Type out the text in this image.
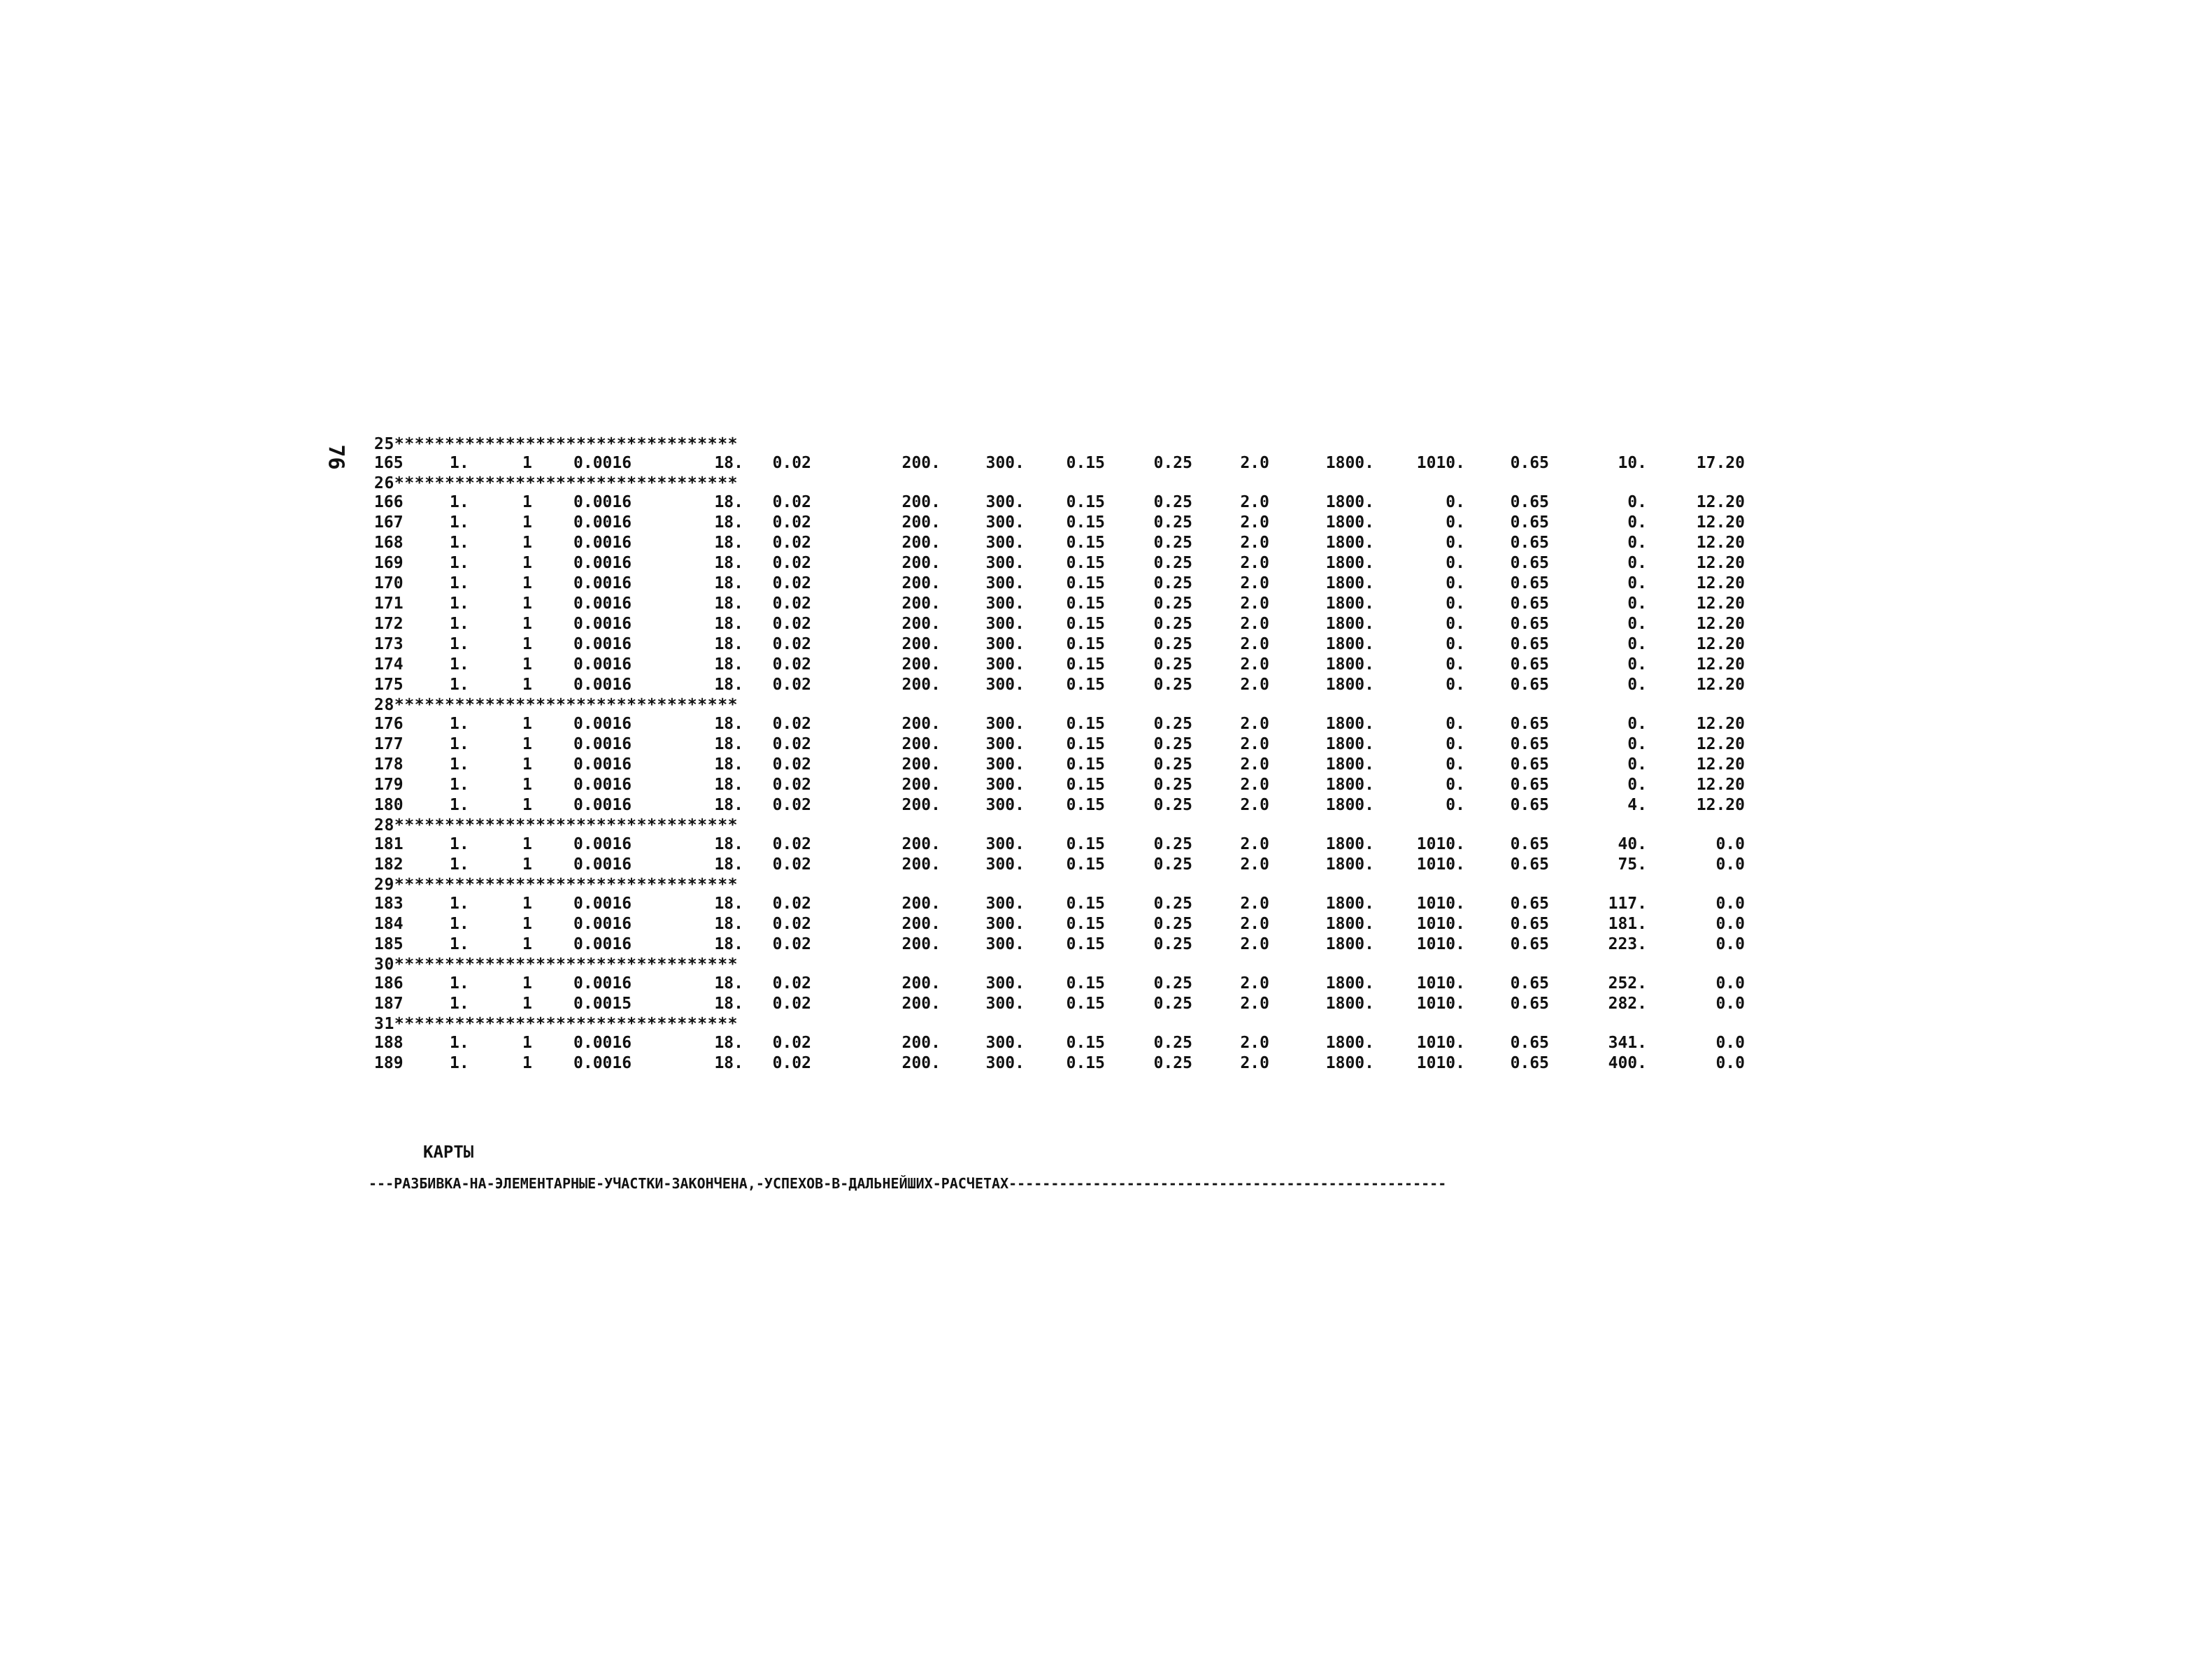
76
25**********************************
165	1.	1	0.0016	18.	0.02	200.	300.	0.15	0.25	2.0	1800.	1010.	0.65	10.	17.20
26**********************************
166	1.	1	0.0016	18.	0.02	200.	300.	0.15	0.25	2.0	1800.	0.	0.65	0.	12.20
167	1.	1	0.0016	18.	0.02	200.	300.	0.15	0.25	2.0	1800.	0.	0.65	0.	12.20
168	1.	1	0.0016	18.	0.02	200.	300.	0.15	0.25	2.0	1800.	0.	0.65	0.	12.20
169	1.	1	0.0016	18.	0.02	200.	300.	0.15	0.25	2.0	1800.	0.	0.65	0.	12.20
170	1.	1	0.0016	18.	0.02	200.	300.	0.15	0.25	2.0	1800.	0.	0.65	0.	12.20
171	1.	1	0.0016	18.	0.02	200.	300.	0.15	0.25	2.0	1800.	0.	0.65	0.	12.20
172	1.	1	0.0016	18.	0.02	200.	300.	0.15	0.25	2.0	1800.	0.	0.65	0.	12.20
173	1.	1	0.0016	18.	0.02	200.	300.	0.15	0.25	2.0	1800.	0.	0.65	0.	12.20
174	1.	1	0.0016	18.	0.02	200.	300.	0.15	0.25	2.0	1800.	0.	0.65	0.	12.20
175	1.	1	0.0016	18.	0.02	200.	300.	0.15	0.25	2.0	1800.	0.	0.65	0.	12.20
28**********************************
176	1.	1	0.0016	18.	0.02	200.	300.	0.15	0.25	2.0	1800.	0.	0.65	0.	12.20
177	1.	1	0.0016	18.	0.02	200.	300.	0.15	0.25	2.0	1800.	0.	0.65	0.	12.20
178	1.	1	0.0016	18.	0.02	200.	300.	0.15	0.25	2.0	1800.	0.	0.65	0.	12.20
179	1.	1	0.0016	18.	0.02	200.	300.	0.15	0.25	2.0	1800.	0.	0.65	0.	12.20
180	1.	1	0.0016	18.	0.02	200.	300.	0.15	0.25	2.0	1800.	0.	0.65	4.	12.20
28**********************************
181	1.	1	0.0016	18.	0.02	200.	300.	0.15	0.25	2.0	1800.	1010.	0.65	40.	0.0
182	1.	1	0.0016	18.	0.02	200.	300.	0.15	0.25	2.0	1800.	1010.	0.65	75.	0.0
29**********************************
183	1.	1	0.0016	18.	0.02	200.	300.	0.15	0.25	2.0	1800.	1010.	0.65	117.	0.0
184	1.	1	0.0016	18.	0.02	200.	300.	0.15	0.25	2.0	1800.	1010.	0.65	181.	0.0
185	1.	1	0.0016	18.	0.02	200.	300.	0.15	0.25	2.0	1800.	1010.	0.65	223.	0.0
30**********************************
186	1.	1	0.0016	18.	0.02	200.	300.	0.15	0.25	2.0	1800.	1010.	0.65	252.	0.0
187	1.	1	0.0015	18.	0.02	200.	300.	0.15	0.25	2.0	1800.	1010.	0.65	282.	0.0
31**********************************
188	1.	1	0.0016	18.	0.02	200.	300.	0.15	0.25	2.0	1800.	1010.	0.65	341.	0.0
189	1.	1	0.0016	18.	0.02	200.	300.	0.15	0.25	2.0	1800.	1010.	0.65	400.	0.0
КАРТЫ
---РАЗБИВКА-НА-ЭЛЕМЕНТАРНЫЕ-УЧАСТКИ-ЗАКОНЧЕНА,-УСПЕХОВ-В-ДАЛЬНЕЙШИХ-РАСЧЕТАХ----------------------------------------------------
